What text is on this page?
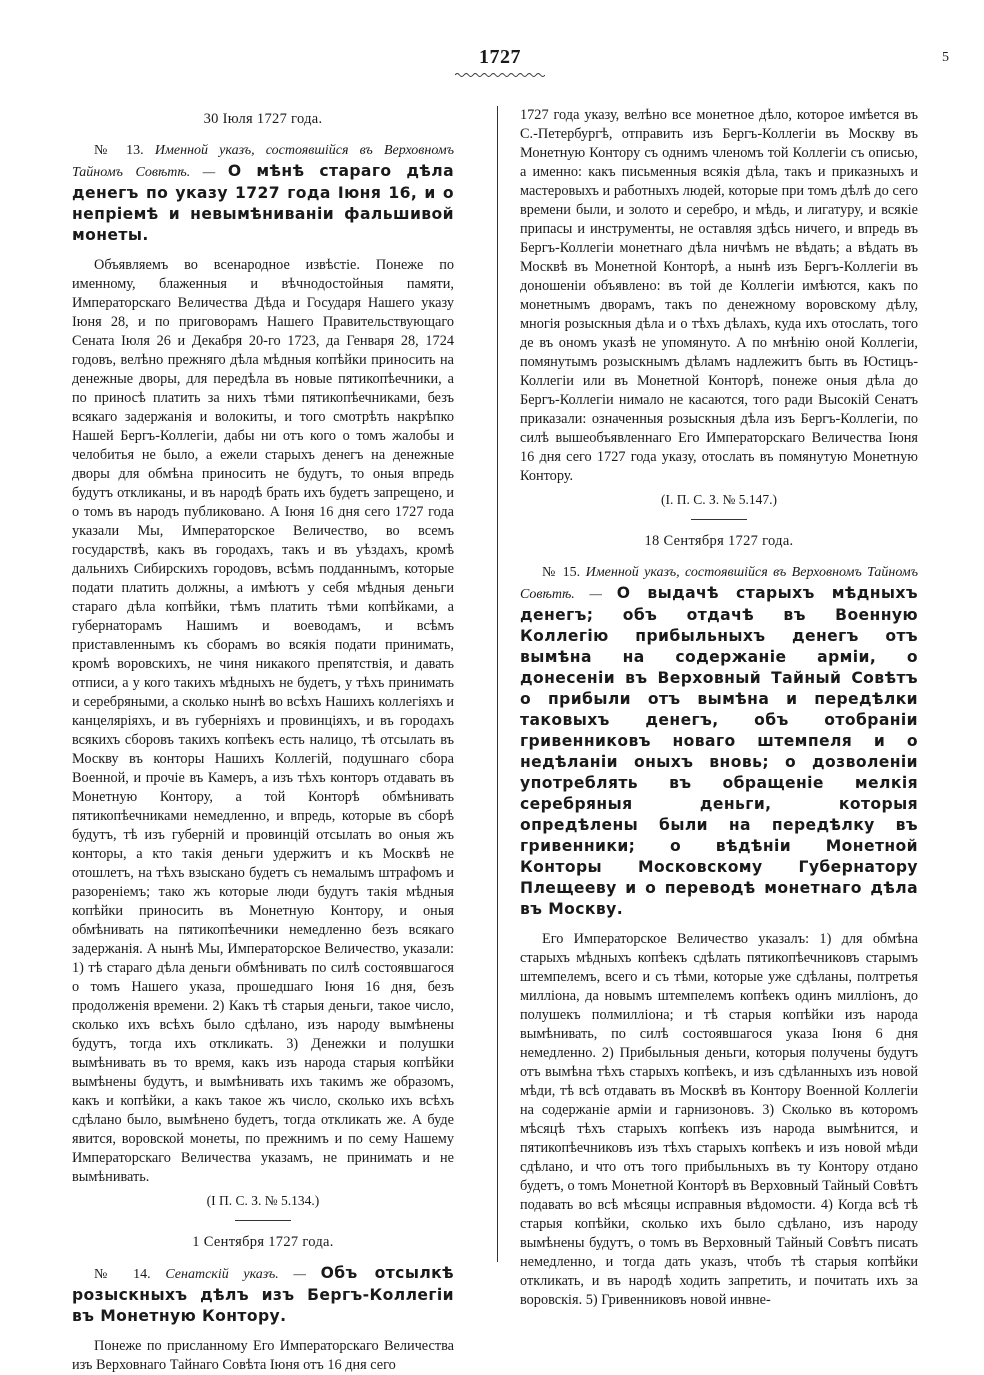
1727	5
30 Іюля 1727 года.
№ 13. Именной указъ, состоявшійся въ Верховномъ Тайномъ Совѣтѣ. — О мѣнѣ стараго дѣла денегъ по указу 1727 года Іюня 16, и о непріемѣ и невымѣниваніи фальшивой монеты.

Объявляемъ во всенародное извѣстіе. Понеже по именному, блаженныя и вѣчнодостойныя памяти, Императорскаго Величества Дѣда и Государя Нашего указу Іюня 28, и по приговорамъ Нашего Правительствующаго Сената Іюля 26 и Декабря 20-го 1723, да Генваря 28, 1724 годовъ, велѣно прежняго дѣла мѣдныя копѣйки приносить на денежные дворы, для передѣла въ новые пятикопѣечники, а по приносѣ платить за нихъ тѣми пятикопѣечниками, безъ всякаго задержанія и волокиты, и того смотрѣть накрѣпко Нашей Бергъ-Коллегіи, дабы ни отъ кого о томъ жалобы и челобитья не было, а ежели старыхъ денегъ на денежные дворы для обмѣна приносить не будутъ, то оныя впредь будутъ откликаны, и въ народѣ брать ихъ будетъ запрещено, и о томъ въ народъ публиковано. А Іюня 16 дня сего 1727 года указали Мы, Императорское Величество, во всемъ государствѣ, какъ въ городахъ, такъ и въ уѣздахъ, кромѣ дальнихъ Сибирскихъ городовъ, всѣмъ подданнымъ, которые подати платить должны, а имѣютъ у себя мѣдныя деньги стараго дѣла копѣйки, тѣмъ платить тѣми копѣйками, а губернаторамъ Нашимъ и воеводамъ, и всѣмъ приставленнымъ къ сборамъ во всякія подати принимать, кромѣ воровскихъ, не чиня никакого препятствія, и давать отписи, а у кого такихъ мѣдныхъ не будетъ, у тѣхъ принимать и серебряными, а сколько нынѣ во всѣхъ Нашихъ коллегіяхъ и канцеляріяхъ, и въ губерніяхъ и провинціяхъ, и въ городахъ всякихъ сборовъ такихъ копѣекъ есть налицо, тѣ отсылать въ Москву въ конторы Нашихъ Коллегій, подушнаго сбора Военной, и прочіе въ Камеръ, а изъ тѣхъ конторъ отдавать въ Монетную Контору, а той Конторѣ обмѣнивать пятикопѣечниками немедленно, и впредь, которые въ сборѣ будутъ, тѣ изъ губерній и провинцій отсылать во оныя жъ конторы, а кто такія деньги удержитъ и къ Москвѣ не отошлетъ, на тѣхъ взыскано будетъ съ немалымъ штрафомъ и разореніемъ; тако жъ которые люди будутъ такія мѣдныя копѣйки приносить въ Монетную Контору, и оныя обмѣнивать на пятикопѣечники немедленно безъ всякаго задержанія. А нынѣ Мы, Императорское Величество, указали: 1) тѣ стараго дѣла деньги обмѣнивать по силѣ состоявшагося о томъ Нашего указа, прошедшаго Іюня 16 дня, безъ продолженія времени. 2) Какъ тѣ старыя деньги, такое число, сколько ихъ всѣхъ было сдѣлано, изъ народу вымѣнены будутъ, тогда ихъ откликать. 3) Денежки и полушки вымѣнивать въ то время, какъ изъ народа старыя копѣйки вымѣнены будутъ, и вымѣнивать ихъ такимъ же образомъ, какъ и копѣйки, а какъ такое жъ число, сколько ихъ всѣхъ сдѣлано было, вымѣнено будетъ, тогда откликать же. А буде явится, воровской монеты, по прежнимъ и по сему Нашему Императорскаго Величества указамъ, не принимать и не вымѣнивать.

(І П. С. З. № 5.134.)
1 Сентября 1727 года.
№ 14. Сенатскій указъ. — Объ отсылкѣ розыскныхъ дѣлъ изъ Бергъ-Коллегіи въ Монетную Контору.

Понеже по присланному Его Императорскаго Величества изъ Верховнаго Тайнаго Совѣта Іюня отъ 16 дня сего

1727 года указу, велѣно все монетное дѣло, которое имѣется въ С.-Петербургѣ, отправить изъ Бергъ-Коллегіи въ Москву въ Монетную Контору съ однимъ членомъ той Коллегіи съ описью, а именно: какъ письменныя всякія дѣла, такъ и приказныхъ и мастеровыхъ и работныхъ людей, которые при томъ дѣлѣ до сего времени были, и золото и серебро, и мѣдь, и лигатуру, и всякіе припасы и инструменты, не оставляя здѣсь ничего, и впредь въ Бергъ-Коллегіи монетнаго дѣла ничѣмъ не вѣдать; а вѣдать въ Москвѣ въ Монетной Конторѣ, а нынѣ изъ Бергъ-Коллегіи въ доношеніи объявлено: въ той де Коллегіи имѣются, какъ по монетнымъ дворамъ, такъ по денежному воровскому дѣлу, многія розыскныя дѣла и о тѣхъ дѣлахъ, куда ихъ отослать, того де въ ономъ указѣ не упомянуто. А по мнѣнію оной Коллегіи, помянутымъ розыскнымъ дѣламъ надлежитъ быть въ Юстицъ-Коллегіи или въ Монетной Конторѣ, понеже оныя дѣла до Бергъ-Коллегіи нимало не касаются, того ради Высокій Сенатъ приказали: означенныя розыскныя дѣла изъ Бергъ-Коллегіи, по силѣ вышеобъявленнаго Его Императорскаго Величества Іюня 16 дня сего 1727 года указу, отослать въ помянутую Монетную Контору.

(І. П. С. З. № 5.147.)
18 Сентября 1727 года.
№ 15. Именной указъ, состоявшійся въ Верховномъ Тайномъ Совѣтѣ. — О выдачѣ старыхъ мѣдныхъ денегъ; объ отдачѣ въ Военную Коллегію прибыльныхъ денегъ отъ вымѣна на содержаніе арміи, о донесеніи въ Верховный Тайный Совѣтъ о прибыли отъ вымѣна и передѣлки таковыхъ денегъ, объ отобраніи гривенниковъ новаго штемпеля и о недѣланіи оныхъ вновь; о дозволеніи употреблять въ обращеніе мелкія серебряныя деньги, которыя опредѣлены были на передѣлку въ гривенники; о вѣдѣніи Монетной Конторы Московскому Губернатору Плещееву и о переводѣ монетнаго дѣла въ Москву.

Его Императорское Величество указалъ: 1) для обмѣна старыхъ мѣдныхъ копѣекъ сдѣлать пятикопѣечниковъ старымъ штемпелемъ, всего и съ тѣми, которые уже сдѣланы, полтретья милліона, да новымъ штемпелемъ копѣекъ одинъ милліонъ, до полушекъ полмилліона; и тѣ старыя копѣйки изъ народа вымѣнивать, по силѣ состоявшагося указа Іюня 6 дня немедленно. 2) Прибыльныя деньги, которыя получены будутъ отъ вымѣна тѣхъ старыхъ копѣекъ, и изъ сдѣланныхъ изъ новой мѣди, тѣ всѣ отдавать въ Москвѣ въ Контору Военной Коллегіи на содержаніе арміи и гарнизоновъ. 3) Сколько въ которомъ мѣсяцѣ тѣхъ старыхъ копѣекъ изъ народа вымѣнится, и пятикопѣечниковъ изъ тѣхъ старыхъ копѣекъ и изъ новой мѣди сдѣлано, и что отъ того прибыльныхъ въ ту Контору отдано будетъ, о томъ Монетной Конторѣ въ Верховный Тайный Совѣтъ подавать во всѣ мѣсяцы исправныя вѣдомости. 4) Когда всѣ тѣ старыя копѣйки, сколько ихъ было сдѣлано, изъ народу вымѣнены будутъ, о томъ въ Верховный Тайный Совѣтъ писать немедленно, и тогда дать указъ, чтобъ тѣ старыя копѣйки откликать, и въ народѣ ходить запретить, и почитать ихъ за воровскія. 5) Гривенниковъ новой инвне-
